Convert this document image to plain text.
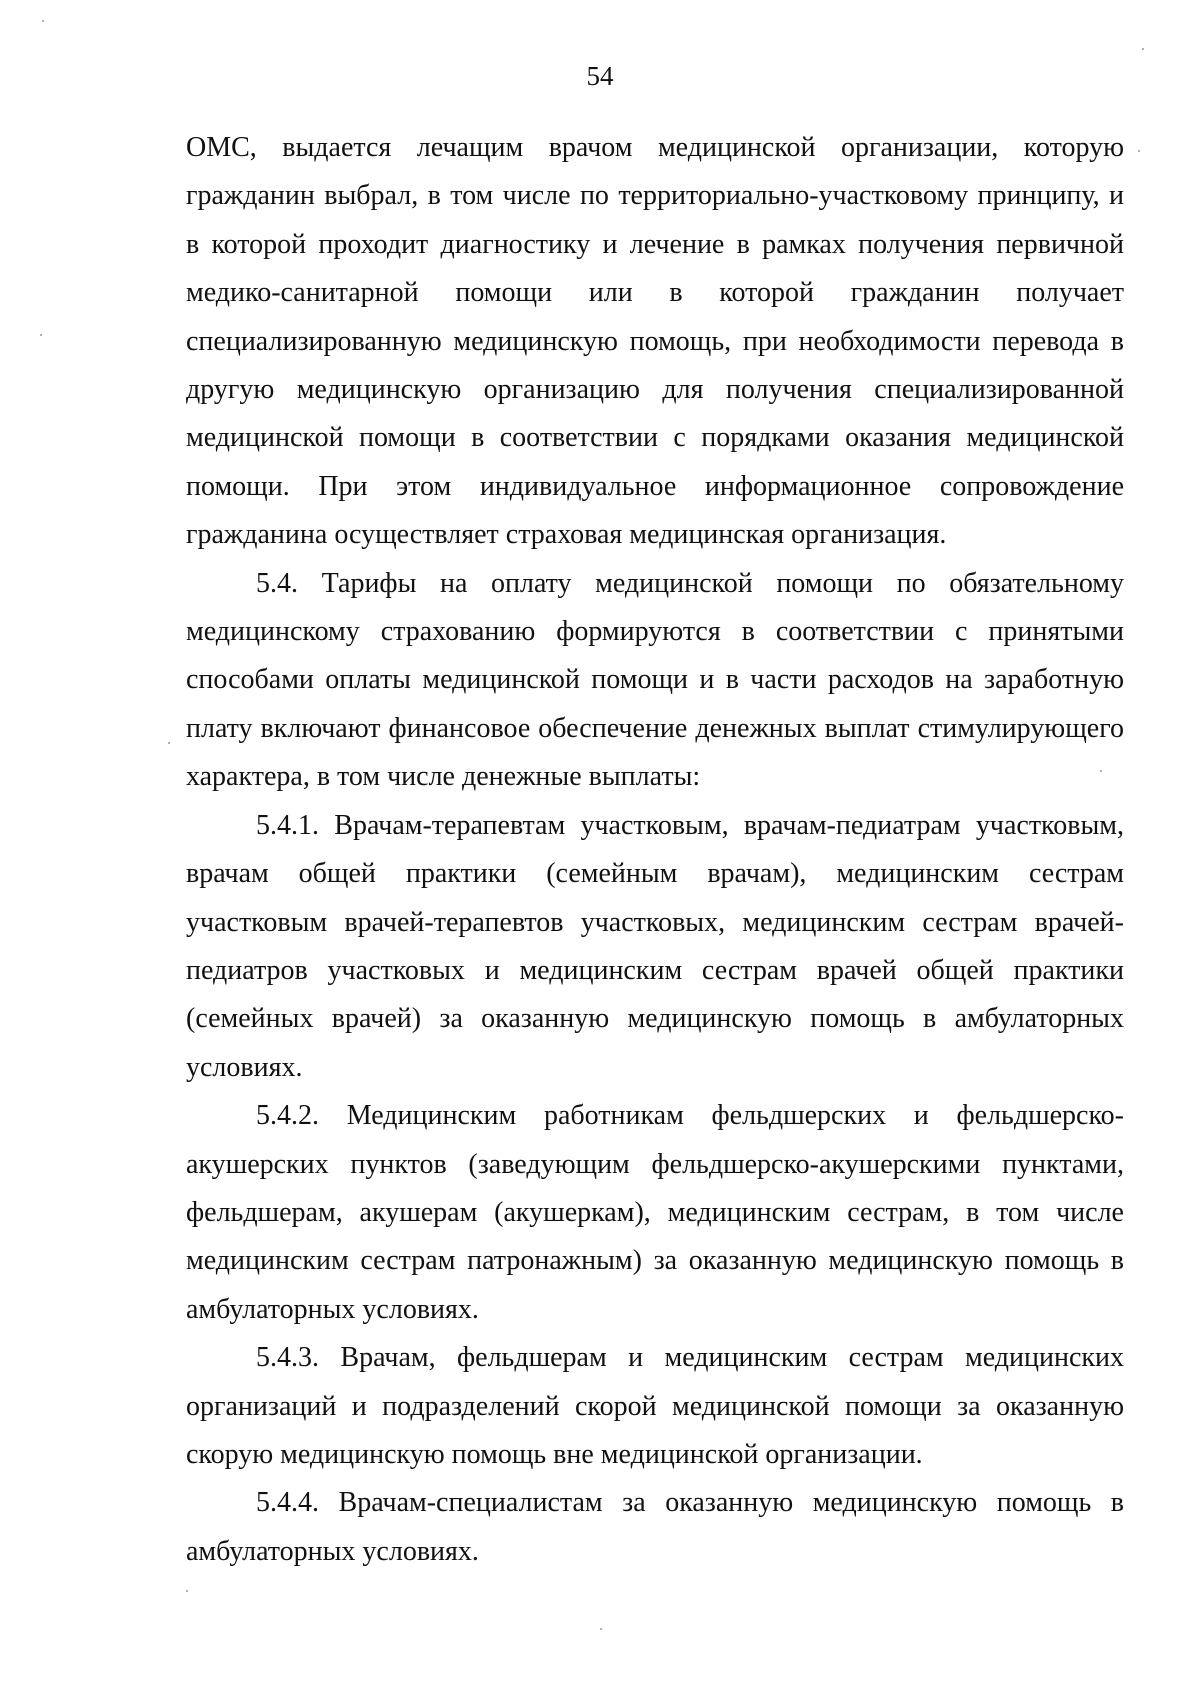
54

ОМС, выдается лечащим врачом медицинской организации, которую гражданин выбрал, в том числе по территориально-участковому принципу, и в которой проходит диагностику и лечение в рамках получения первичной медико-санитарной помощи или в которой гражданин получает специализированную медицинскую помощь, при необходимости перевода в другую медицинскую организацию для получения специализированной медицинской помощи в соответствии с порядками оказания медицинской помощи. При этом индивидуальное информационное сопровождение гражданина осуществляет страховая медицинская организация.

5.4. Тарифы на оплату медицинской помощи по обязательному медицинскому страхованию формируются в соответствии с принятыми способами оплаты медицинской помощи и в части расходов на заработную плату включают финансовое обеспечение денежных выплат стимулирующего характера, в том числе денежные выплаты:

5.4.1. Врачам-терапевтам участковым, врачам-педиатрам участковым, врачам общей практики (семейным врачам), медицинским сестрам участковым врачей-терапевтов участковых, медицинским сестрам врачей-педиатров участковых и медицинским сестрам врачей общей практики (семейных врачей) за оказанную медицинскую помощь в амбулаторных условиях.

5.4.2. Медицинским работникам фельдшерских и фельдшерско-акушерских пунктов (заведующим фельдшерско-акушерскими пунктами, фельдшерам, акушерам (акушеркам), медицинским сестрам, в том числе медицинским сестрам патронажным) за оказанную медицинскую помощь в амбулаторных условиях.

5.4.3. Врачам, фельдшерам и медицинским сестрам медицинских организаций и подразделений скорой медицинской помощи за оказанную скорую медицинскую помощь вне медицинской организации.

5.4.4. Врачам-специалистам за оказанную медицинскую помощь в амбулаторных условиях.
